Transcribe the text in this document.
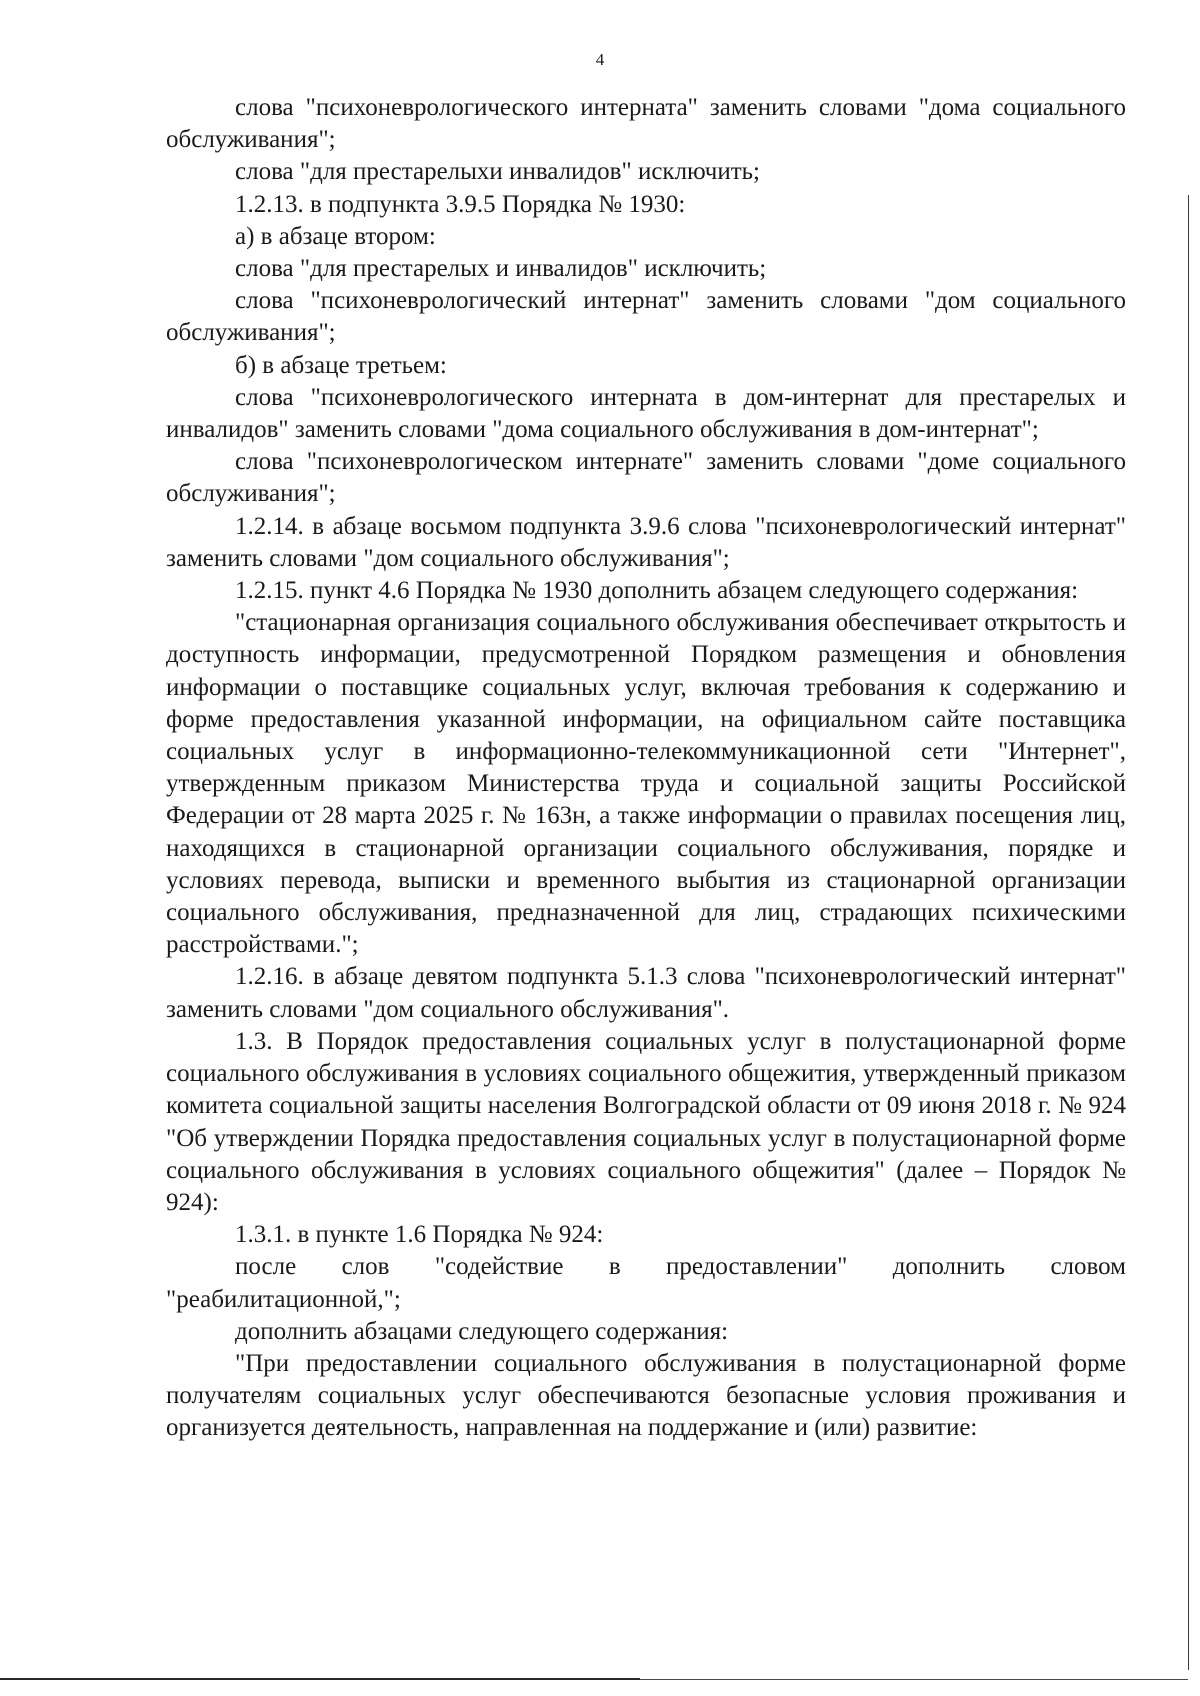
4

слова "психоневрологического интерната" заменить словами "дома социального обслуживания";

слова "для престарелыхи инвалидов" исключить;

1.2.13. в подпункта 3.9.5 Порядка № 1930:

а) в абзаце втором:

слова "для престарелых и инвалидов" исключить;

слова "психоневрологический интернат" заменить словами "дом социального обслуживания";

б) в абзаце третьем:

слова "психоневрологического интерната в дом-интернат для престарелых и инвалидов" заменить словами "дома социального обслуживания в дом-интернат";

слова "психоневрологическом интернате" заменить словами "доме социального обслуживания";

1.2.14. в абзаце восьмом подпункта 3.9.6 слова "психоневрологический интернат" заменить словами "дом социального обслуживания";

1.2.15. пункт 4.6 Порядка № 1930 дополнить абзацем следующего содержания:

"стационарная организация социального обслуживания обеспечивает открытость и доступность информации, предусмотренной Порядком размещения и обновления информации о поставщике социальных услуг, включая требования к содержанию и форме предоставления указанной информации, на официальном сайте поставщика социальных услуг в информационно-телекоммуникационной сети "Интернет", утвержденным приказом Министерства труда и социальной защиты Российской Федерации от 28 марта 2025 г. № 163н, а также информации о правилах посещения лиц, находящихся в стационарной организации социального обслуживания, порядке и условиях перевода, выписки и временного выбытия из стационарной организации социального обслуживания, предназначенной для лиц, страдающих психическими расстройствами.";

1.2.16. в абзаце девятом подпункта 5.1.3 слова "психоневрологический интернат" заменить словами "дом социального обслуживания".

1.3. В Порядок предоставления социальных услуг в полустационарной форме социального обслуживания в условиях социального общежития, утвержденный приказом комитета социальной защиты населения Волгоградской области от 09 июня 2018 г. № 924 "Об утверждении Порядка предоставления социальных услуг в полустационарной форме социального обслуживания в условиях социального общежития" (далее – Порядок № 924):

1.3.1. в пункте 1.6 Порядка № 924:

после слов "содействие в предоставлении" дополнить словом "реабилитационной,";

дополнить абзацами следующего содержания:

"При предоставлении социального обслуживания в полустационарной форме получателям социальных услуг обеспечиваются безопасные условия проживания и организуется деятельность, направленная на поддержание и (или) развитие:
